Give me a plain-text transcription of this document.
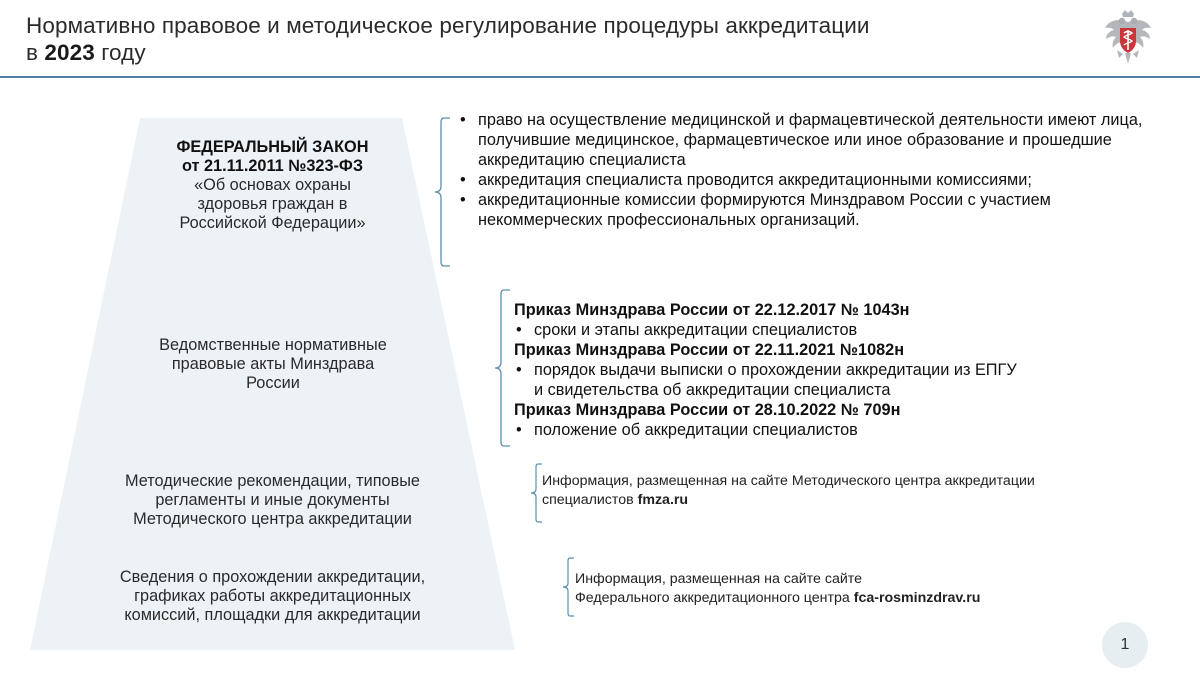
Нормативно правовое и методическое регулирование процедуры аккредитации
в 2023 году
ФЕДЕРАЛЬНЫЙ ЗАКОН
от 21.11.2011 №323-ФЗ
«Об основах охраны
здоровья граждан в
Российской Федерации»
Ведомственные нормативные
правовые акты Минздрава
России
Методические рекомендации, типовые
регламенты и иные документы
Методического центра аккредитации
Сведения о прохождении аккредитации,
графиках работы аккредитационных
комиссий, площадки для аккредитации
• право на осуществление медицинской и фармацевтической деятельности имеют лица, получившие медицинское, фармацевтическое или иное образование и прошедшие аккредитацию специалиста
• аккредитация специалиста проводится аккредитационными комиссиями;
• аккредитационные комиссии формируются Минздравом России с участием некоммерческих профессиональных организаций.
Приказ Минздрава России от 22.12.2017 № 1043н
• сроки и этапы аккредитации специалистов
Приказ Минздрава России от 22.11.2021 №1082н
• порядок выдачи выписки о прохождении аккредитации из ЕПГУ
и свидетельства об аккредитации специалиста
Приказ Минздрава России от 28.10.2022 № 709н
• положение об аккредитации специалистов
Информация, размещенная на сайте Методического центра аккредитации
специалистов fmza.ru
Информация, размещенная на сайте сайте
Федерального аккредитационного центра fca-rosminzdrav.ru
1
